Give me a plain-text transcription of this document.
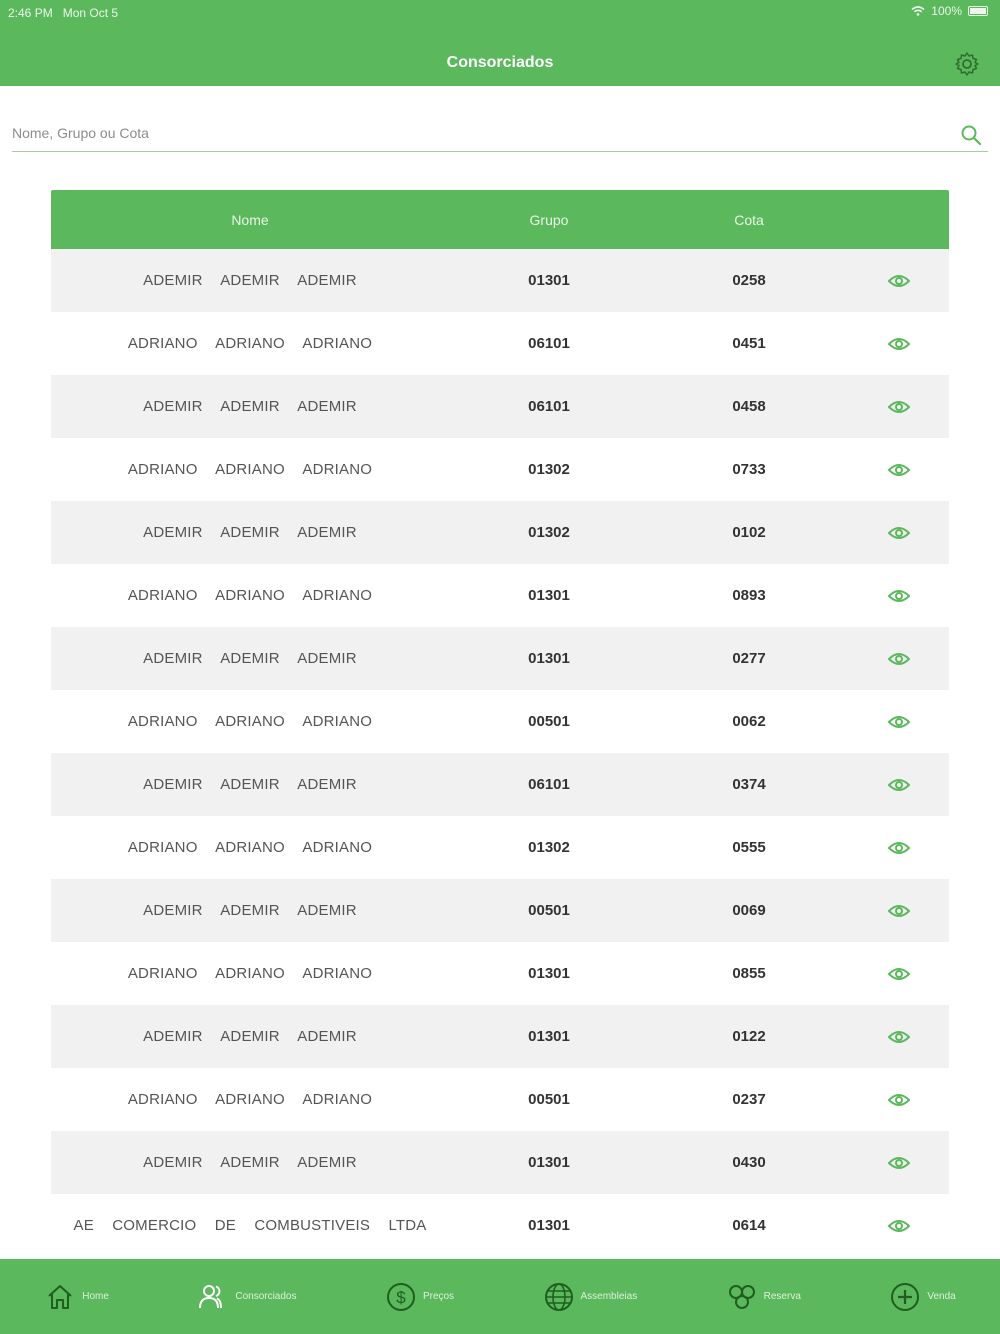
2:46 PM Mon Oct 5	100%
Consorciados
Nome, Grupo ou Cota
Nome	Grupo	Cota
ADEMIR ADEMIR ADEMIR	01301	0258
ADRIANO ADRIANO ADRIANO	06101	0451
ADEMIR ADEMIR ADEMIR	06101	0458
ADRIANO ADRIANO ADRIANO	01302	0733
ADEMIR ADEMIR ADEMIR	01302	0102
ADRIANO ADRIANO ADRIANO	01301	0893
ADEMIR ADEMIR ADEMIR	01301	0277
ADRIANO ADRIANO ADRIANO	00501	0062
ADEMIR ADEMIR ADEMIR	06101	0374
ADRIANO ADRIANO ADRIANO	01302	0555
ADEMIR ADEMIR ADEMIR	00501	0069
ADRIANO ADRIANO ADRIANO	01301	0855
ADEMIR ADEMIR ADEMIR	01301	0122
ADRIANO ADRIANO ADRIANO	00501	0237
ADEMIR ADEMIR ADEMIR	01301	0430
AE COMERCIO DE COMBUSTIVEIS LTDA	01301	0614
Home	Consorciados	$ Preços	Assembleias	Reserva	Venda
